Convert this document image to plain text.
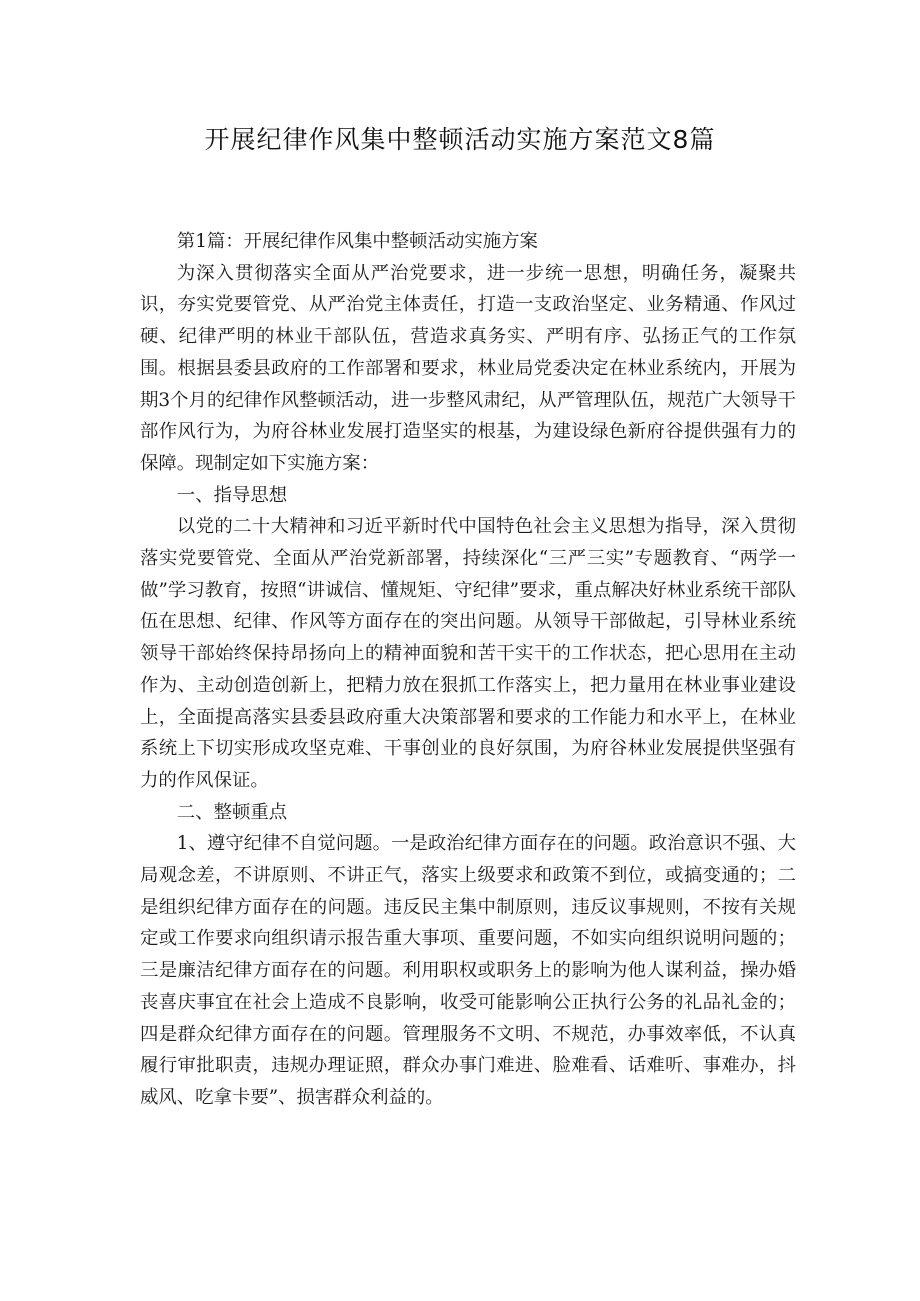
开展纪律作风集中整顿活动实施方案范文8篇

第1篇：开展纪律作风集中整顿活动实施方案

为深入贯彻落实全面从严治党要求，进一步统一思想，明确任务，凝聚共识，夯实党要管党、从严治党主体责任，打造一支政治坚定、业务精通、作风过硬、纪律严明的林业干部队伍，营造求真务实、严明有序、弘扬正气的工作氛围。根据县委县政府的工作部署和要求，林业局党委决定在林业系统内，开展为期3个月的纪律作风整顿活动，进一步整风肃纪，从严管理队伍，规范广大领导干部作风行为，为府谷林业发展打造坚实的根基，为建设绿色新府谷提供强有力的保障。现制定如下实施方案：

一、指导思想

以党的二十大精神和习近平新时代中国特色社会主义思想为指导，深入贯彻落实党要管党、全面从严治党新部署，持续深化“三严三实”专题教育、“两学一做”学习教育，按照“讲诚信、懂规矩、守纪律”要求，重点解决好林业系统干部队伍在思想、纪律、作风等方面存在的突出问题。从领导干部做起，引导林业系统领导干部始终保持昂扬向上的精神面貌和苦干实干的工作状态，把心思用在主动作为、主动创造创新上，把精力放在狠抓工作落实上，把力量用在林业事业建设上，全面提高落实县委县政府重大决策部署和要求的工作能力和水平上，在林业系统上下切实形成攻坚克难、干事创业的良好氛围，为府谷林业发展提供坚强有力的作风保证。

二、整顿重点

1、遵守纪律不自觉问题。一是政治纪律方面存在的问题。政治意识不强、大局观念差，不讲原则、不讲正气，落实上级要求和政策不到位，或搞变通的；二是组织纪律方面存在的问题。违反民主集中制原则，违反议事规则，不按有关规定或工作要求向组织请示报告重大事项、重要问题，不如实向组织说明问题的；三是廉洁纪律方面存在的问题。利用职权或职务上的影响为他人谋利益，操办婚丧喜庆事宜在社会上造成不良影响，收受可能影响公正执行公务的礼品礼金的；四是群众纪律方面存在的问题。管理服务不文明、不规范，办事效率低，不认真履行审批职责，违规办理证照，群众办事门难进、脸难看、话难听、事难办，抖威风、吃拿卡要”、损害群众利益的。
